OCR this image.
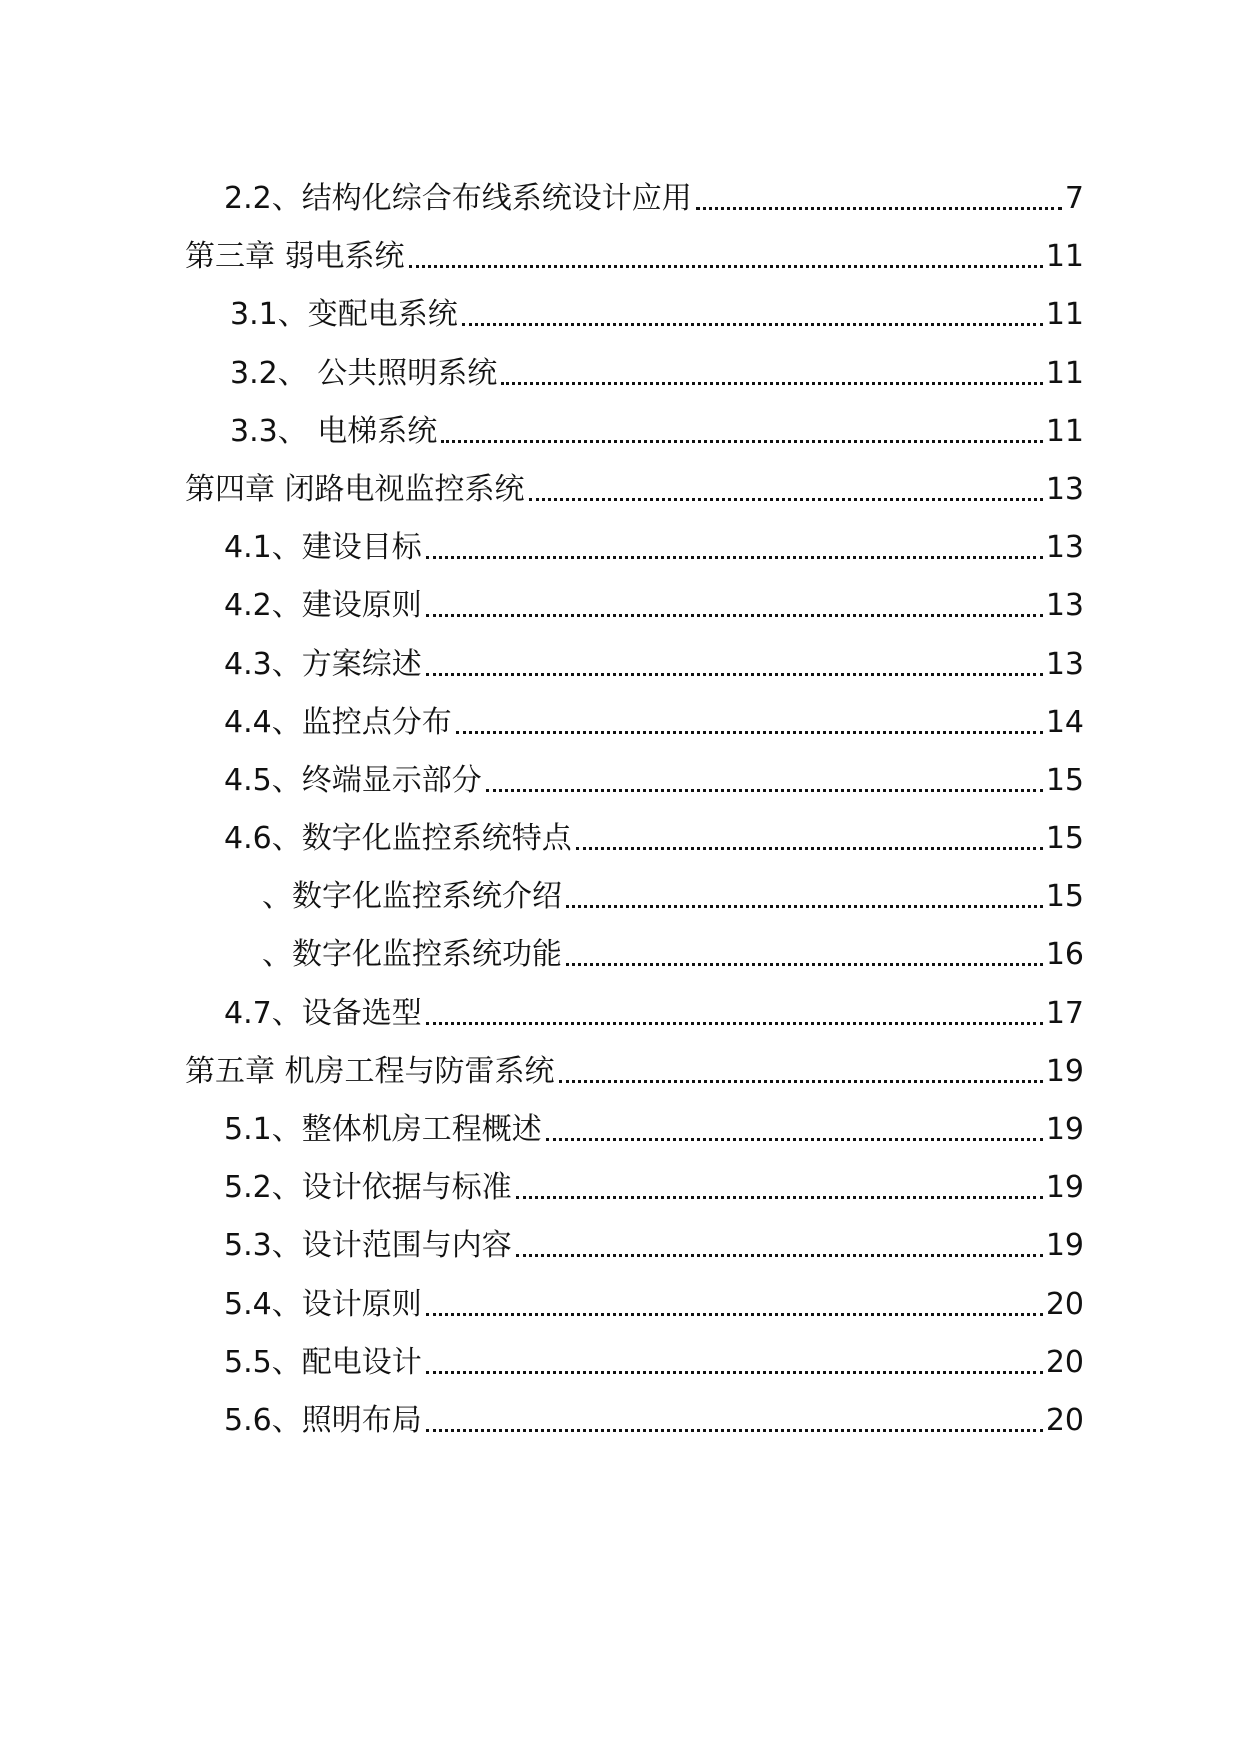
2.2、结构化综合布线系统设计应用	7
第三章 弱电系统	11
3.1、变配电系统	11
3.2、 公共照明系统	11
3.3、 电梯系统	11
第四章 闭路电视监控系统	13
4.1、建设目标	13
4.2、建设原则	13
4.3、方案综述	13
4.4、监控点分布	14
4.5、终端显示部分	15
4.6、数字化监控系统特点	15
、数字化监控系统介绍	15
、数字化监控系统功能	16
4.7、设备选型	17
第五章 机房工程与防雷系统	19
5.1、整体机房工程概述	19
5.2、设计依据与标准	19
5.3、设计范围与内容	19
5.4、设计原则	20
5.5、配电设计	20
5.6、照明布局	20
